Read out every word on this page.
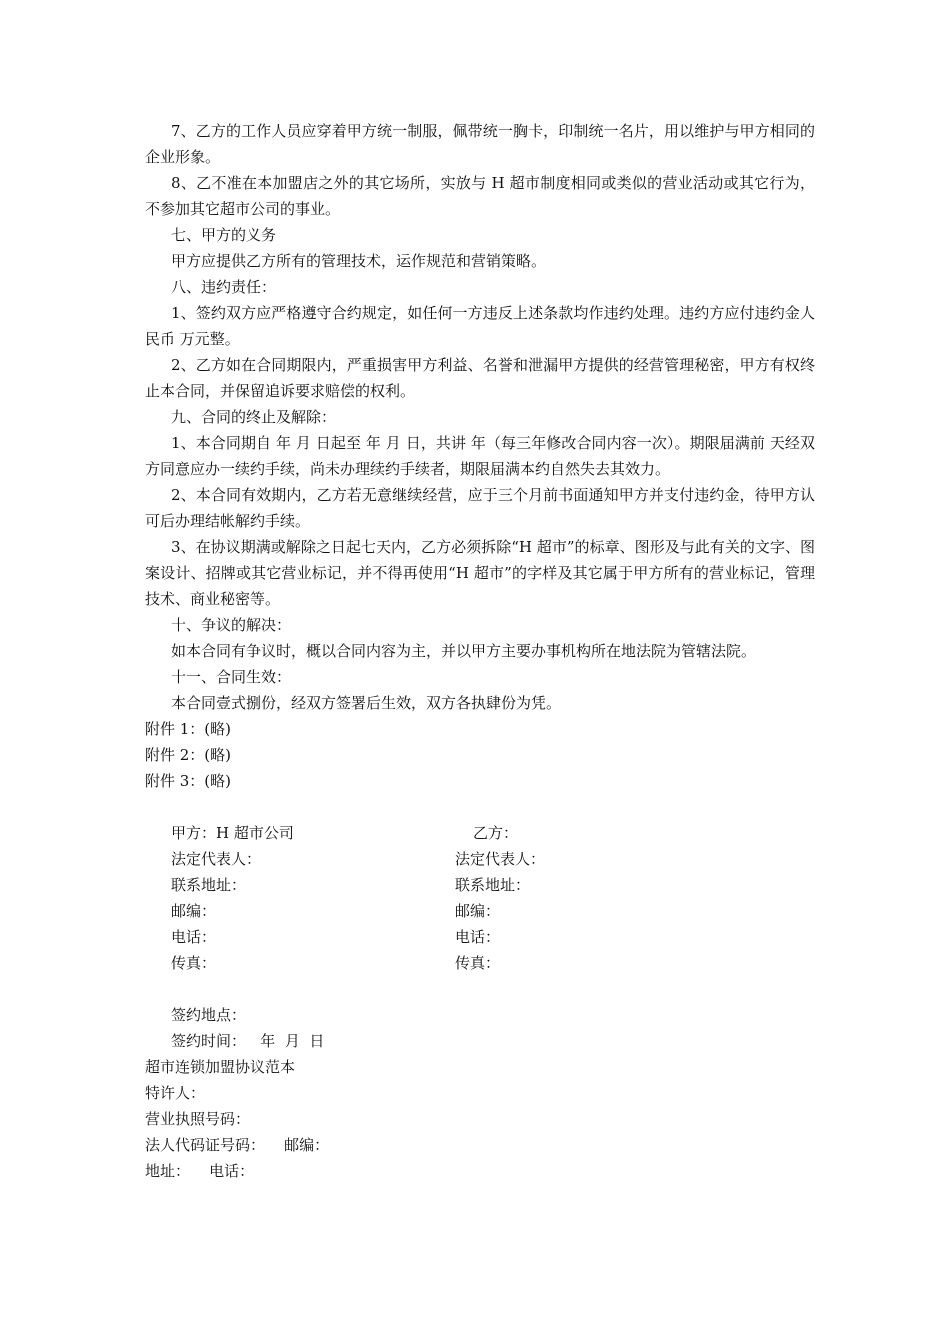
7、乙方的工作人员应穿着甲方统一制服，佩带统一胸卡，印制统一名片，用以维护与甲方相同的企业形象。

8、乙不准在本加盟店之外的其它场所，实放与 H 超市制度相同或类似的营业活动或其它行为，不参加其它超市公司的事业。

七、甲方的义务

甲方应提供乙方所有的管理技术，运作规范和营销策略。

八、违约责任：

1、签约双方应严格遵守合约规定，如任何一方违反上述条款均作违约处理。违约方应付违约金人民币 万元整。

2、乙方如在合同期限内，严重损害甲方利益、名誉和泄漏甲方提供的经营管理秘密，甲方有权终止本合同，并保留追诉要求赔偿的权利。

九、合同的终止及解除：

1、本合同期自 年 月 日起至 年 月 日，共讲 年（每三年修改合同内容一次）。期限届满前 天经双方同意应办一续约手续，尚未办理续约手续者，期限届满本约自然失去其效力。

2、本合同有效期内，乙方若无意继续经营，应于三个月前书面通知甲方并支付违约金，待甲方认可后办理结帐解约手续。

3、在协议期满或解除之日起七天内，乙方必须拆除“H 超市”的标章、图形及与此有关的文字、图案设计、招牌或其它营业标记，并不得再使用“H 超市”的字样及其它属于甲方所有的营业标记，管理技术、商业秘密等。

十、争议的解决：

如本合同有争议时，概以合同内容为主，并以甲方主要办事机构所在地法院为管辖法院。

十一、合同生效：

本合同壹式捌份，经双方签署后生效，双方各执肆份为凭。

附件 1：(略)
附件 2：(略)
附件 3：(略)
甲方：H 超市公司	乙方：
法定代表人：	法定代表人：
联系地址：	联系地址：
邮编：	邮编：
电话：	电话：
传真：	传真：
签约地点：
签约时间：   年  月  日
超市连锁加盟协议范本
特许人：
营业执照号码：
法人代码证号码：    邮编：
地址：    电话：
